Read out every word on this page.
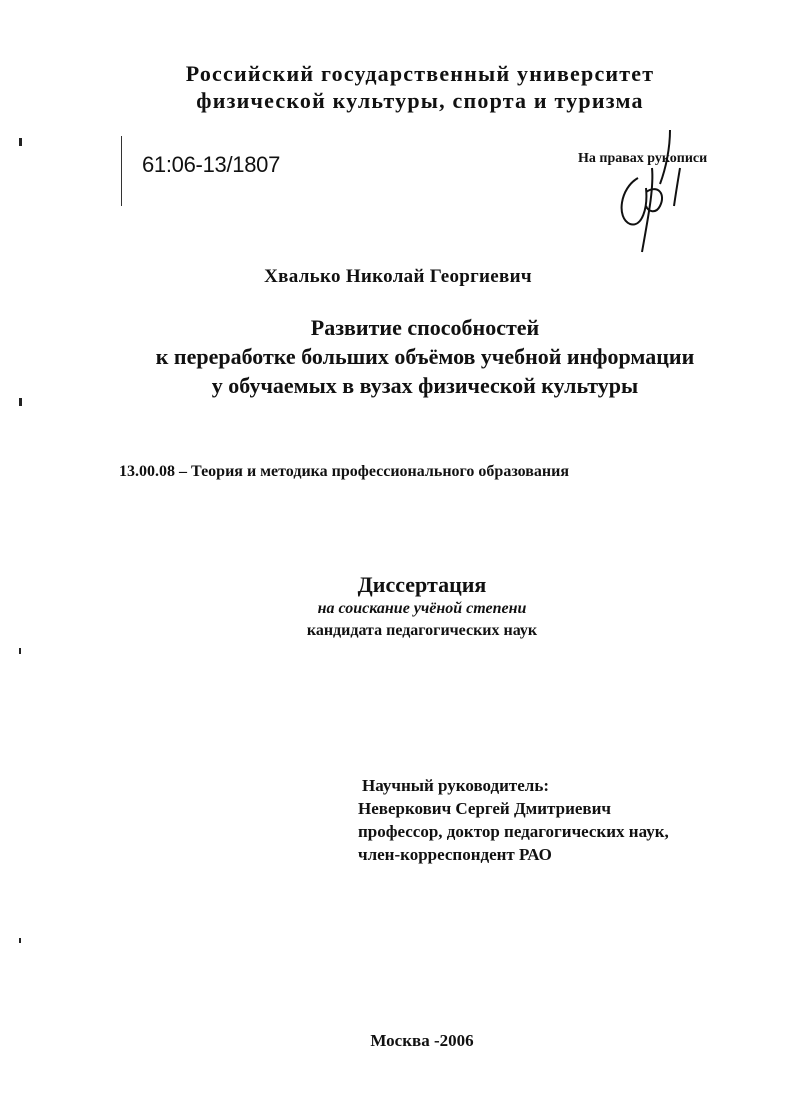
Российский государственный университет
физической культуры, спорта и туризма
61:06-13/1807	На правах рукописи
Хвалько Николай Георгиевич
Развитие способностей
к переработке больших объёмов учебной информации
у обучаемых в вузах физической культуры
13.00.08 – Теория и методика профессионального образования
Диссертация
на соискание учёной степени
кандидата педагогических наук
Научный руководитель:
Неверкович Сергей Дмитриевич
профессор, доктор педагогических наук,
член-корреспондент РАО
Москва -2006
